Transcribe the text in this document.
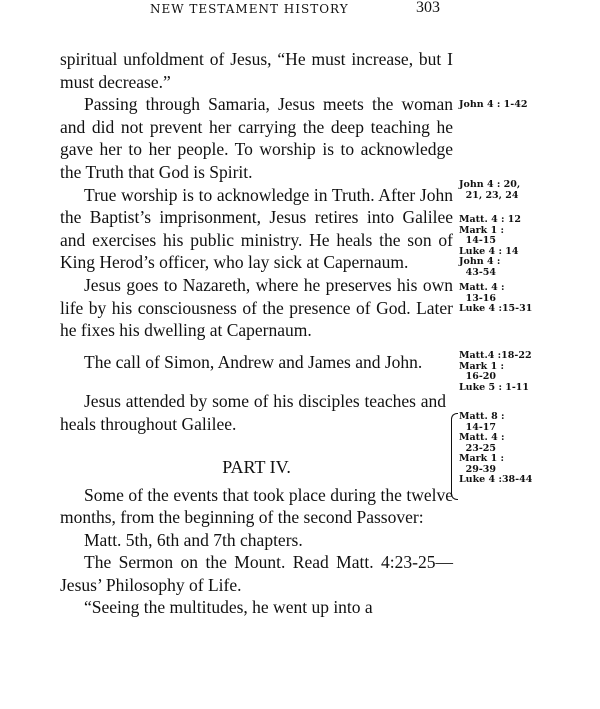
NEW TESTAMENT HISTORY	303
spiritual unfoldment of Jesus, “He must increase, but I must decrease.”
Passing through Samaria, Jesus meets the woman and did not prevent her carrying the deep teaching he gave her to her people. To worship is to acknowledge the Truth that God is Spirit.
True worship is to acknowledge in Truth. After John the Baptist’s imprisonment, Jesus retires into Galilee and exercises his public ministry. He heals the son of King Herod’s officer, who lay sick at Capernaum.
Jesus goes to Nazareth, where he preserves his own life by his consciousness of the presence of God. Later he fixes his dwelling at Capernaum.
The call of Simon, Andrew and James and John.
Jesus attended by some of his disciples teaches and heals throughout Galilee.
PART IV.
Some of the events that took place during the twelve months, from the beginning of the second Passover:
Matt. 5th, 6th and 7th chapters.
The Sermon on the Mount. Read Matt. 4:23-25—Jesus’ Philosophy of Life.
“Seeing the multitudes, he went up into a
John 4 : 1-42
John 4 : 20,
21, 23, 24
Matt. 4 : 12
Mark 1 :
14-15
Luke 4 : 14
John 4 :
43-54
Matt. 4 :
13-16
Luke 4 :15-31
Matt.4 :18-22
Mark 1 :
16-20
Luke 5 : 1-11
Matt. 8 :
14-17
Matt. 4 :
23-25
Mark 1 :
29-39
Luke 4 :38-44
